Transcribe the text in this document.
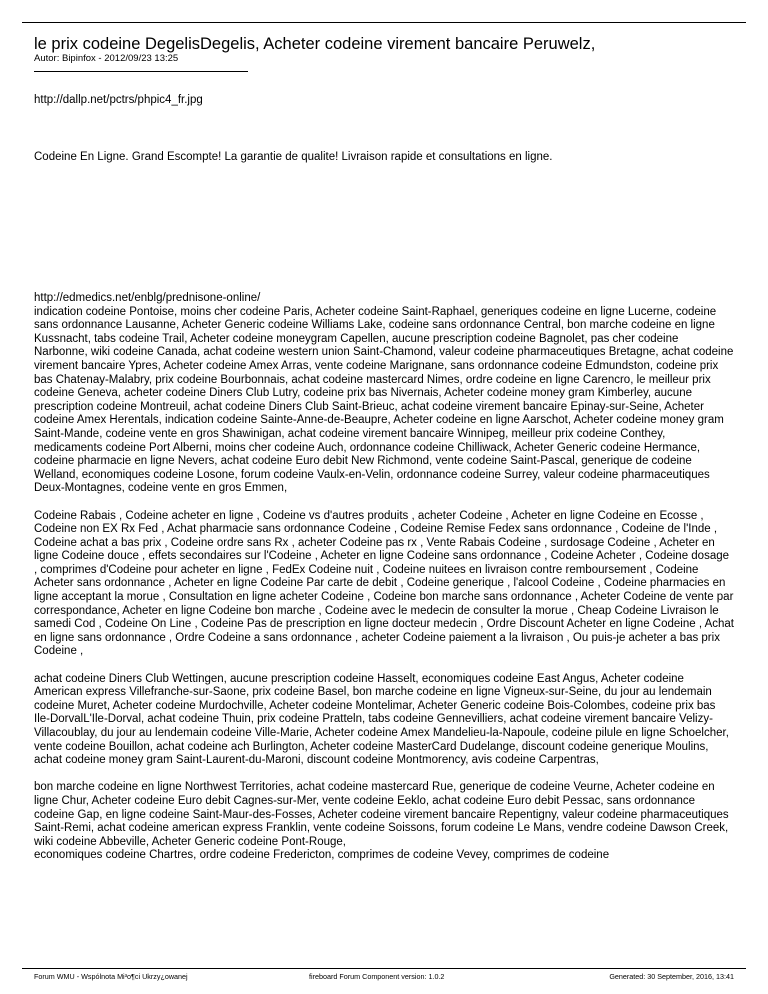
le prix codeine DegelisDegelis, Acheter codeine virement bancaire Peruwelz,
Autor: Bipinfox - 2012/09/23 13:25
http://dallp.net/pctrs/phpic4_fr.jpg
Codeine En Ligne. Grand Escompte! La garantie de qualite! Livraison rapide et consultations en ligne.
http://edmedics.net/enblg/prednisone-online/

indication codeine Pontoise, moins cher codeine Paris, Acheter codeine Saint-Raphael, generiques codeine en ligne Lucerne, codeine sans ordonnance Lausanne, Acheter Generic codeine Williams Lake, codeine sans ordonnance Central, bon marche codeine en ligne Kussnacht, tabs codeine Trail, Acheter codeine moneygram Capellen, aucune prescription codeine Bagnolet, pas cher codeine Narbonne, wiki codeine Canada, achat codeine western union Saint-Chamond, valeur codeine pharmaceutiques Bretagne, achat codeine virement bancaire Ypres, Acheter codeine Amex Arras, vente codeine Marignane, sans ordonnance codeine Edmundston, codeine prix bas Chatenay-Malabry, prix codeine Bourbonnais, achat codeine mastercard Nimes, ordre codeine en ligne Carencro, le meilleur prix codeine Geneva, acheter codeine Diners Club Lutry, codeine prix bas Nivernais, Acheter codeine money gram Kimberley, aucune prescription codeine Montreuil, achat codeine Diners Club Saint-Brieuc, achat codeine virement bancaire Epinay-sur-Seine, Acheter codeine Amex Herentals, indication codeine Sainte-Anne-de-Beaupre, Acheter codeine en ligne Aarschot, Acheter codeine money gram Saint-Mande, codeine vente en gros Shawinigan, achat codeine virement bancaire Winnipeg, meilleur prix codeine Conthey, medicaments codeine Port Alberni, moins cher codeine Auch, ordonnance codeine Chilliwack, Acheter Generic codeine Hermance, codeine pharmacie en ligne Nevers, achat codeine Euro debit New Richmond, vente codeine Saint-Pascal, generique de codeine Welland, economiques codeine Losone, forum codeine Vaulx-en-Velin, ordonnance codeine Surrey, valeur codeine pharmaceutiques Deux-Montagnes, codeine vente en gros Emmen,

Codeine Rabais , Codeine acheter en ligne , Codeine vs d'autres produits , acheter Codeine , Acheter en ligne Codeine en Ecosse , Codeine non EX Rx Fed , Achat pharmacie sans ordonnance Codeine , Codeine Remise Fedex sans ordonnance , Codeine de l'Inde , Codeine achat a bas prix , Codeine ordre sans Rx , acheter Codeine pas rx , Vente Rabais Codeine , surdosage Codeine , Acheter en ligne Codeine douce , effets secondaires sur l'Codeine , Acheter en ligne Codeine sans ordonnance , Codeine Acheter , Codeine dosage , comprimes d'Codeine pour acheter en ligne , FedEx Codeine nuit , Codeine nuitees en livraison contre remboursement , Codeine Acheter sans ordonnance , Acheter en ligne Codeine Par carte de debit , Codeine generique , l'alcool Codeine , Codeine pharmacies en ligne acceptant la morue , Consultation en ligne acheter Codeine , Codeine bon marche sans ordonnance , Acheter Codeine de vente par correspondance, Acheter en ligne Codeine bon marche , Codeine avec le medecin de consulter la morue , Cheap Codeine Livraison le samedi Cod , Codeine On Line , Codeine Pas de prescription en ligne docteur medecin , Ordre Discount Acheter en ligne Codeine , Achat en ligne sans ordonnance , Ordre Codeine a sans ordonnance , acheter Codeine paiement a la livraison , Ou puis-je acheter a bas prix Codeine ,

achat codeine Diners Club Wettingen, aucune prescription codeine Hasselt, economiques codeine East Angus, Acheter codeine American express Villefranche-sur-Saone, prix codeine Basel, bon marche codeine en ligne Vigneux-sur-Seine, du jour au lendemain codeine Muret, Acheter codeine Murdochville, Acheter codeine Montelimar, Acheter Generic codeine Bois-Colombes, codeine prix bas Ile-DorvalL'Ile-Dorval, achat codeine Thuin, prix codeine Pratteln, tabs codeine Gennevilliers, achat codeine virement bancaire Velizy-Villacoublay, du jour au lendemain codeine Ville-Marie, Acheter codeine Amex Mandelieu-la-Napoule, codeine pilule en ligne Schoelcher, vente codeine Bouillon, achat codeine ach Burlington, Acheter codeine MasterCard Dudelange, discount codeine generique Moulins, achat codeine money gram Saint-Laurent-du-Maroni, discount codeine Montmorency, avis codeine Carpentras,

bon marche codeine en ligne Northwest Territories, achat codeine mastercard Rue, generique de codeine Veurne, Acheter codeine en ligne Chur, Acheter codeine Euro debit Cagnes-sur-Mer, vente codeine Eeklo, achat codeine Euro debit Pessac, sans ordonnance codeine Gap, en ligne codeine Saint-Maur-des-Fosses, Acheter codeine virement bancaire Repentigny, valeur codeine pharmaceutiques Saint-Remi, achat codeine american express Franklin, vente codeine Soissons, forum codeine Le Mans, vendre codeine Dawson Creek, wiki codeine Abbeville, Acheter Generic codeine Pont-Rouge,

economiques codeine Chartres, ordre codeine Fredericton, comprimes de codeine Vevey, comprimes de codeine

Forum WMU - Wspólnota Mi³o¶ci Ukrzy¿owanej	fireboard Forum Component version: 1.0.2	Generated: 30 September, 2016, 13:41
